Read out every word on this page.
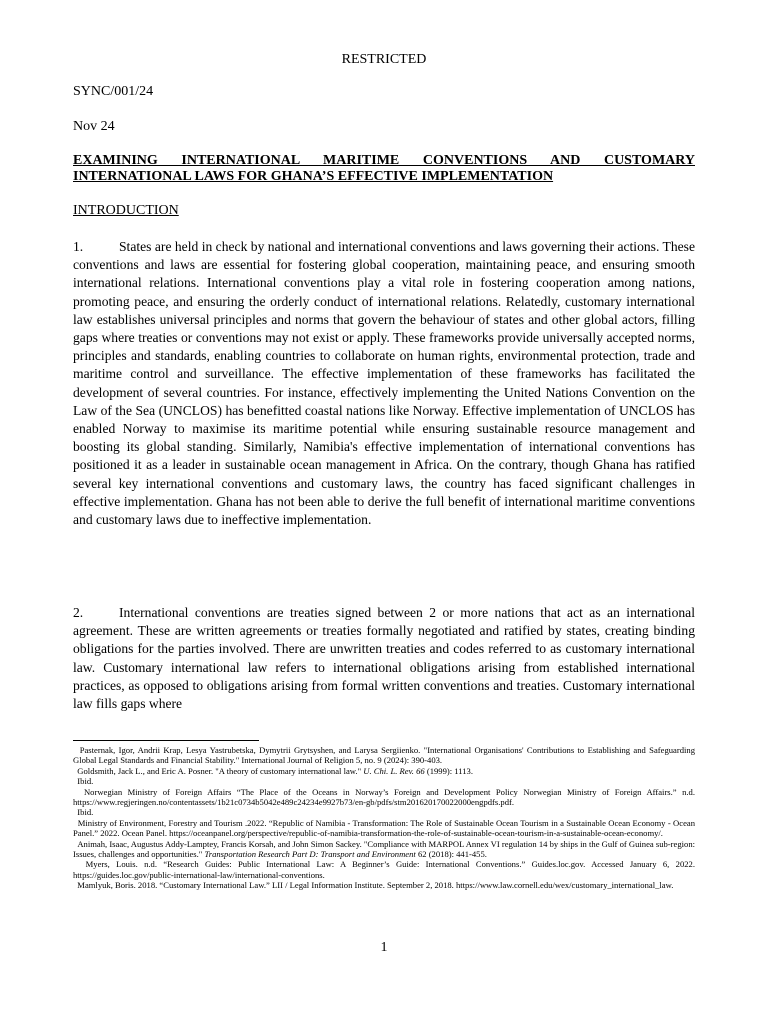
RESTRICTED
SYNC/001/24
Nov 24
EXAMINING INTERNATIONAL MARITIME CONVENTIONS AND CUSTOMARY INTERNATIONAL LAWS FOR GHANA’S EFFECTIVE IMPLEMENTATION
INTRODUCTION

1.	States are held in check by national and international conventions and laws governing their actions. These conventions and laws are essential for fostering global cooperation, maintaining peace, and ensuring smooth international relations. International conventions play a vital role in fostering cooperation among nations, promoting peace, and ensuring the orderly conduct of international relations. Relatedly, customary international law establishes universal principles and norms that govern the behaviour of states and other global actors, filling gaps where treaties or conventions may not exist or apply. These frameworks provide universally accepted norms, principles and standards, enabling countries to collaborate on human rights, environmental protection, trade and maritime control and surveillance. The effective implementation of these frameworks has facilitated the development of several countries. For instance, effectively implementing the United Nations Convention on the Law of the Sea (UNCLOS) has benefitted coastal nations like Norway. Effective implementation of UNCLOS has enabled Norway to maximise its maritime potential while ensuring sustainable resource management and boosting its global standing. Similarly, Namibia's effective implementation of international conventions has positioned it as a leader in sustainable ocean management in Africa. On the contrary, though Ghana has ratified several key international conventions and customary laws, the country has faced significant challenges in effective implementation. Ghana has not been able to derive the full benefit of international maritime conventions and customary laws due to ineffective implementation.

2.	International conventions are treaties signed between 2 or more nations that act as an international agreement. These are written agreements or treaties formally negotiated and ratified by states, creating binding obligations for the parties involved. There are unwritten treaties and codes referred to as customary international law. Customary international law refers to international obligations arising from established international practices, as opposed to obligations arising from formal written conventions and treaties. Customary international law fills gaps where

Pasternak, Igor, Andrii Krap, Lesya Yastrubetska, Dymytrii Grytsyshen, and Larysa Sergiienko. "International Organisations' Contributions to Establishing and Safeguarding Global Legal Standards and Financial Stability." International Journal of Religion 5, no. 9 (2024): 390-403.

Goldsmith, Jack L., and Eric A. Posner. "A theory of customary international law." U. Chi. L. Rev. 66 (1999): 1113.

Ibid.

Norwegian Ministry of Foreign Affairs “The Place of the Oceans in Norway’s Foreign and Development Policy Norwegian Ministry of Foreign Affairs.” n.d. https://www.regjeringen.no/contentassets/1b21c0734b5042e489c24234e9927b73/en-gb/pdfs/stm201620170022000engpdfs.pdf.

Ibid.

Ministry of Environment, Forestry and Tourism .2022. “Republic of Namibia - Transformation: The Role of Sustainable Ocean Tourism in a Sustainable Ocean Economy - Ocean Panel.” 2022. Ocean Panel. https://oceanpanel.org/perspective/republic-of-namibia-transformation-the-role-of-sustainable-ocean-tourism-in-a-sustainable-ocean-economy/.

Animah, Isaac, Augustus Addy-Lamptey, Francis Korsah, and John Simon Sackey. "Compliance with MARPOL Annex VI regulation 14 by ships in the Gulf of Guinea sub-region: Issues, challenges and opportunities." Transportation Research Part D: Transport and Environment 62 (2018): 441-455.

Myers, Louis. n.d. “Research Guides: Public International Law: A Beginner’s Guide: International Conventions.” Guides.loc.gov. Accessed January 6, 2022. https://guides.loc.gov/public-international-law/international-conventions.

Mamlyuk, Boris. 2018. “Customary International Law.” LII / Legal Information Institute. September 2, 2018. https://www.law.cornell.edu/wex/customary_international_law.

1
